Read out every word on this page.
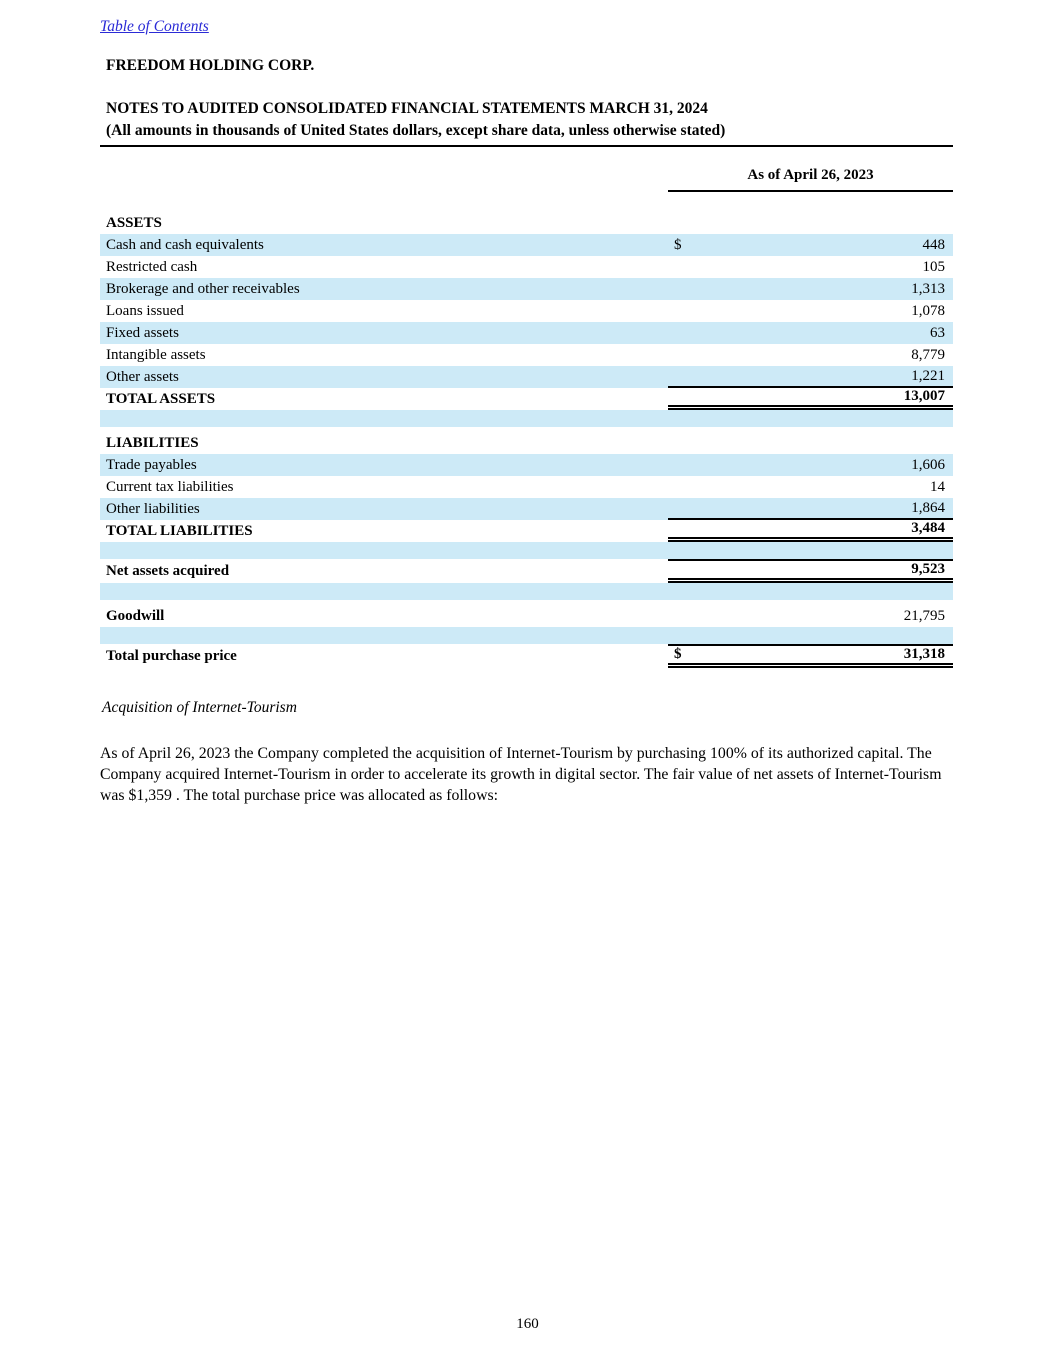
Table of Contents
FREEDOM HOLDING CORP.
NOTES TO AUDITED CONSOLIDATED FINANCIAL STATEMENTS MARCH 31, 2024
(All amounts in thousands of United States dollars, except share data, unless otherwise stated)
As of April 26, 2023
ASSETS
Cash and cash equivalents	$	448
Restricted cash	105
Brokerage and other receivables	1,313
Loans issued	1,078
Fixed assets	63
Intangible assets	8,779
Other assets	1,221
TOTAL ASSETS	13,007
LIABILITIES
Trade payables	1,606
Current tax liabilities	14
Other liabilities	1,864
TOTAL LIABILITIES	3,484
Net assets acquired	9,523
Goodwill	21,795
Total purchase price	$	31,318
Acquisition of Internet-Tourism

As of April 26, 2023 the Company completed the acquisition of Internet-Tourism by purchasing 100% of its authorized capital. The Company acquired Internet-Tourism in order to accelerate its growth in digital sector. The fair value of net assets of Internet-Tourism was $1,359 . The total purchase price was allocated as follows:

160
